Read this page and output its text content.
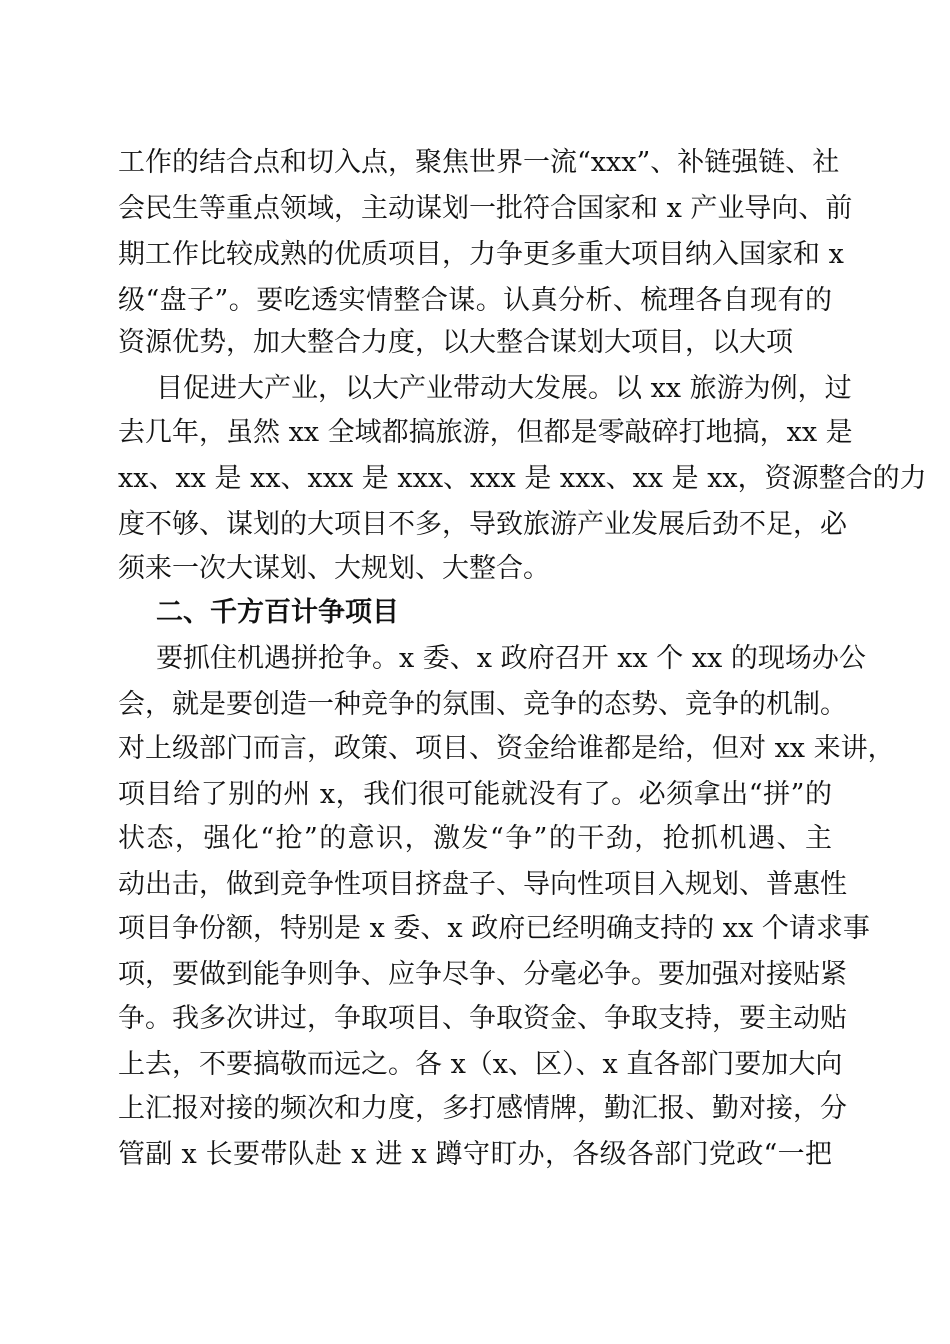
工作的结合点和切入点，聚焦世界一流“xxx”、补链强链、社
会民生等重点领域，主动谋划一批符合国家和 x 产业导向、前
期工作比较成熟的优质项目，力争更多重大项目纳入国家和 x
级“盘子”。要吃透实情整合谋。认真分析、梳理各自现有的
资源优势，加大整合力度，以大整合谋划大项目，以大项
目促进大产业，以大产业带动大发展。以 xx 旅游为例，过
去几年，虽然 xx 全域都搞旅游，但都是零敲碎打地搞，xx 是
xx、xx 是 xx、xxx 是 xxx、xxx 是 xxx、xx 是 xx，资源整合的力
度不够、谋划的大项目不多，导致旅游产业发展后劲不足，必
须来一次大谋划、大规划、大整合。
二、千方百计争项目
要抓住机遇拼抢争。x 委、x 政府召开 xx 个 xx 的现场办公
会，就是要创造一种竞争的氛围、竞争的态势、竞争的机制。
对上级部门而言，政策、项目、资金给谁都是给，但对 xx 来讲，
项目给了别的州 x，我们很可能就没有了。必须拿出“拼”的
状态，强化“抢”的意识，激发“争”的干劲，抢抓机遇、主
动出击，做到竞争性项目挤盘子、导向性项目入规划、普惠性
项目争份额，特别是 x 委、x 政府已经明确支持的 xx 个请求事
项，要做到能争则争、应争尽争、分毫必争。要加强对接贴紧
争。我多次讲过，争取项目、争取资金、争取支持，要主动贴
上去，不要搞敬而远之。各 x（x、区）、x 直各部门要加大向
上汇报对接的频次和力度，多打感情牌，勤汇报、勤对接，分
管副 x 长要带队赴 x 进 x 蹲守盯办，各级各部门党政“一把
